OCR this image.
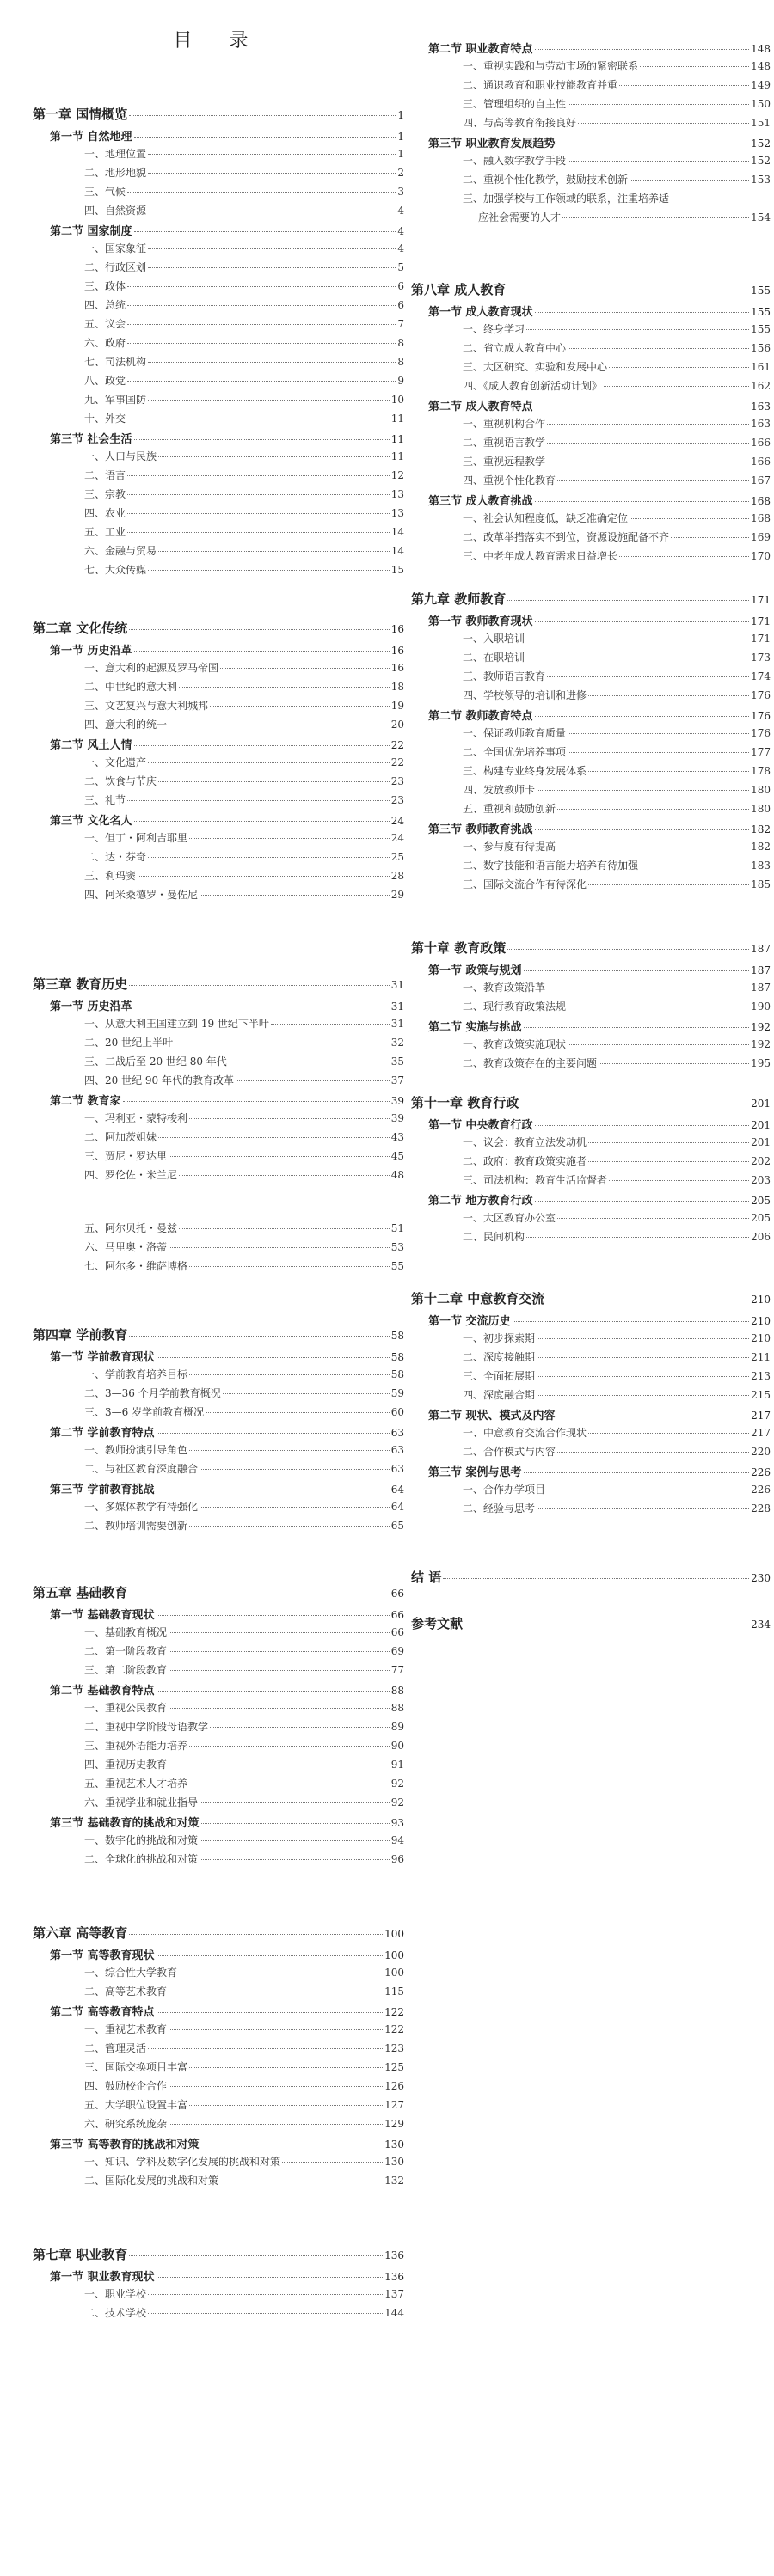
目 录
第一章 国情概览	1
第一节 自然地理	1
一、地理位置	1
二、地形地貌	2
三、气候	3
四、自然资源	4
第二节 国家制度	4
一、国家象征	4
二、行政区划	5
三、政体	6
四、总统	6
五、议会	7
六、政府	8
七、司法机构	8
八、政党	9
九、军事国防	10
十、外交	11
第三节 社会生活	11
一、人口与民族	11
二、语言	12
三、宗教	13
四、农业	13
五、工业	14
六、金融与贸易	14
七、大众传媒	15
第二章 文化传统	16
第一节 历史沿革	16
一、意大利的起源及罗马帝国	16
二、中世纪的意大利	18
三、文艺复兴与意大利城邦	19
四、意大利的统一	20
第二节 风土人情	22
一、文化遗产	22
二、饮食与节庆	23
三、礼节	23
第三节 文化名人	24
一、但丁・阿利吉耶里	24
二、达・芬奇	25
三、利玛窦	28
四、阿米桑德罗・曼佐尼	29
第三章 教育历史	31
第一节 历史沿革	31
一、从意大利王国建立到 19 世纪下半叶	31
二、20 世纪上半叶	32
三、二战后至 20 世纪 80 年代	35
四、20 世纪 90 年代的教育改革	37
第二节 教育家	39
一、玛利亚・蒙特梭利	39
二、阿加茨姐妹	43
三、贾尼・罗达里	45
四、罗伦佐・米兰尼	48
五、阿尔贝托・曼兹	51
六、马里奥・洛蒂	53
七、阿尔多・维萨博格	55
第四章 学前教育	58
第一节 学前教育现状	58
一、学前教育培养目标	58
二、3—36 个月学前教育概况	59
三、3—6 岁学前教育概况	60
第二节 学前教育特点	63
一、教师扮演引导角色	63
二、与社区教育深度融合	63
第三节 学前教育挑战	64
一、多媒体教学有待强化	64
二、教师培训需要创新	65
第五章 基础教育	66
第一节 基础教育现状	66
一、基础教育概况	66
二、第一阶段教育	69
三、第二阶段教育	77
第二节 基础教育特点	88
一、重视公民教育	88
二、重视中学阶段母语教学	89
三、重视外语能力培养	90
四、重视历史教育	91
五、重视艺术人才培养	92
六、重视学业和就业指导	92
第三节 基础教育的挑战和对策	93
一、数字化的挑战和对策	94
二、全球化的挑战和对策	96
第六章 高等教育	100
第一节 高等教育现状	100
一、综合性大学教育	100
二、高等艺术教育	115
第二节 高等教育特点	122
一、重视艺术教育	122
二、管理灵活	123
三、国际交换项目丰富	125
四、鼓励校企合作	126
五、大学职位设置丰富	127
六、研究系统庞杂	129
第三节 高等教育的挑战和对策	130
一、知识、学科及数字化发展的挑战和对策	130
二、国际化发展的挑战和对策	132
第七章 职业教育	136
第一节 职业教育现状	136
一、职业学校	137
二、技术学校	144
第二节 职业教育特点	148
一、重视实践和与劳动市场的紧密联系	148
二、通识教育和职业技能教育并重	149
三、管理组织的自主性	150
四、与高等教育衔接良好	151
第三节 职业教育发展趋势	152
一、融入数字教学手段	152
二、重视个性化教学，鼓励技术创新	153
三、加强学校与工作领域的联系，注重培养适
应社会需要的人才	154
第八章 成人教育	155
第一节 成人教育现状	155
一、终身学习	155
二、省立成人教育中心	156
三、大区研究、实验和发展中心	161
四、《成人教育创新活动计划》	162
第二节 成人教育特点	163
一、重视机构合作	163
二、重视语言教学	166
三、重视远程教学	166
四、重视个性化教育	167
第三节 成人教育挑战	168
一、社会认知程度低，缺乏准确定位	168
二、改革举措落实不到位，资源设施配备不齐	169
三、中老年成人教育需求日益增长	170
第九章 教师教育	171
第一节 教师教育现状	171
一、入职培训	171
二、在职培训	173
三、教师语言教育	174
四、学校领导的培训和进修	176
第二节 教师教育特点	176
一、保证教师教育质量	176
二、全国优先培养事项	177
三、构建专业终身发展体系	178
四、发放教师卡	180
五、重视和鼓励创新	180
第三节 教师教育挑战	182
一、参与度有待提高	182
二、数字技能和语言能力培养有待加强	183
三、国际交流合作有待深化	185
第十章 教育政策	187
第一节 政策与规划	187
一、教育政策沿革	187
二、现行教育政策法规	190
第二节 实施与挑战	192
一、教育政策实施现状	192
二、教育政策存在的主要问题	195
第十一章 教育行政	201
第一节 中央教育行政	201
一、议会：教育立法发动机	201
二、政府：教育政策实施者	202
三、司法机构：教育生活监督者	203
第二节 地方教育行政	205
一、大区教育办公室	205
二、民间机构	206
第十二章 中意教育交流	210
第一节 交流历史	210
一、初步探索期	210
二、深度接触期	211
三、全面拓展期	213
四、深度融合期	215
第二节 现状、模式及内容	217
一、中意教育交流合作现状	217
二、合作模式与内容	220
第三节 案例与思考	226
一、合作办学项目	226
二、经验与思考	228
结 语	230
参考文献	234
